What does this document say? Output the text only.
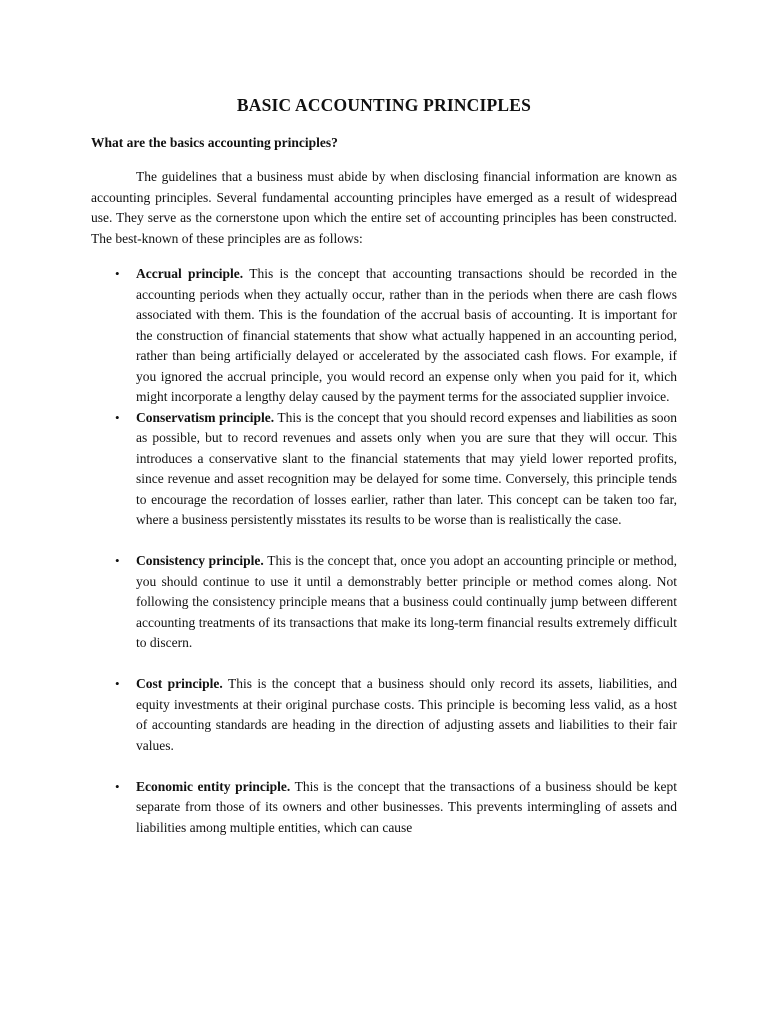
BASIC ACCOUNTING PRINCIPLES
What are the basics accounting principles?

The guidelines that a business must abide by when disclosing financial information are known as accounting principles. Several fundamental accounting principles have emerged as a result of widespread use. They serve as the cornerstone upon which the entire set of accounting principles has been constructed. The best-known of these principles are as follows:

• Accrual principle. This is the concept that accounting transactions should be recorded in the accounting periods when they actually occur, rather than in the periods when there are cash flows associated with them. This is the foundation of the accrual basis of accounting. It is important for the construction of financial statements that show what actually happened in an accounting period, rather than being artificially delayed or accelerated by the associated cash flows. For example, if you ignored the accrual principle, you would record an expense only when you paid for it, which might incorporate a lengthy delay caused by the payment terms for the associated supplier invoice.
• Conservatism principle. This is the concept that you should record expenses and liabilities as soon as possible, but to record revenues and assets only when you are sure that they will occur. This introduces a conservative slant to the financial statements that may yield lower reported profits, since revenue and asset recognition may be delayed for some time. Conversely, this principle tends to encourage the recordation of losses earlier, rather than later. This concept can be taken too far, where a business persistently misstates its results to be worse than is realistically the case.
• Consistency principle. This is the concept that, once you adopt an accounting principle or method, you should continue to use it until a demonstrably better principle or method comes along. Not following the consistency principle means that a business could continually jump between different accounting treatments of its transactions that make its long-term financial results extremely difficult to discern.
• Cost principle. This is the concept that a business should only record its assets, liabilities, and equity investments at their original purchase costs. This principle is becoming less valid, as a host of accounting standards are heading in the direction of adjusting assets and liabilities to their fair values.
• Economic entity principle. This is the concept that the transactions of a business should be kept separate from those of its owners and other businesses. This prevents intermingling of assets and liabilities among multiple entities, which can cause
